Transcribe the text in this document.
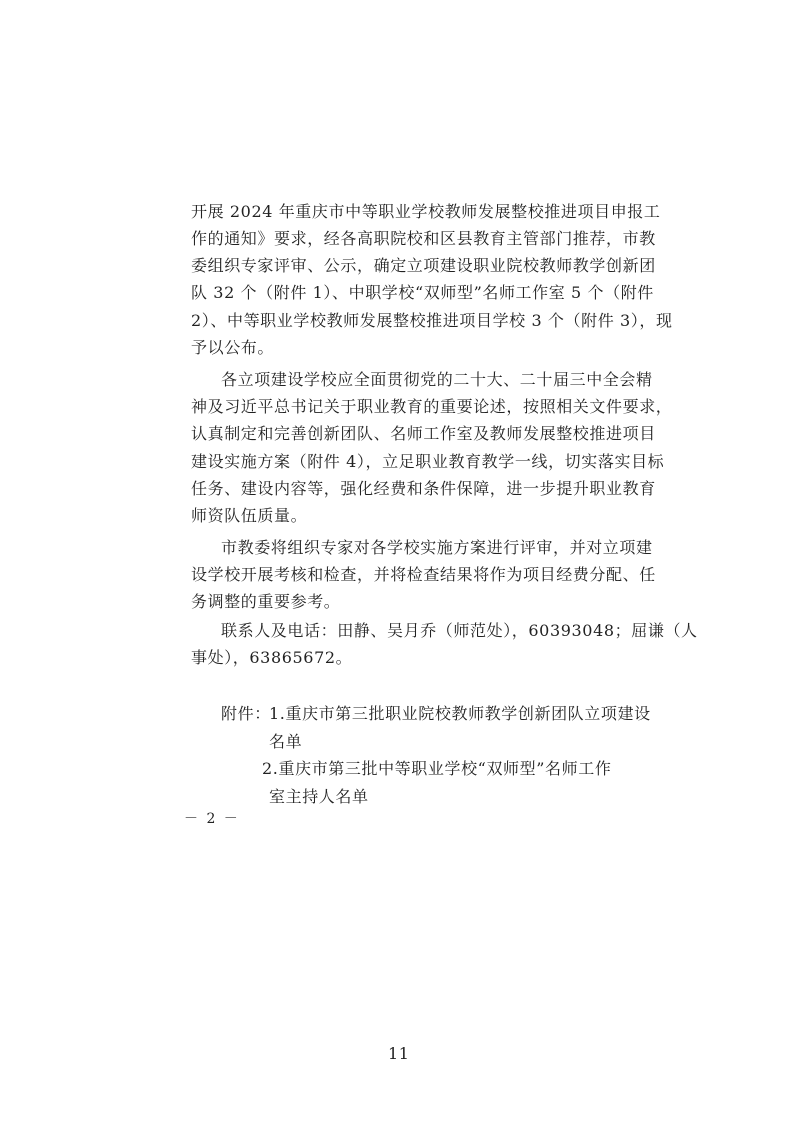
开展 2024 年重庆市中等职业学校教师发展整校推进项目申报工
作的通知》要求，经各高职院校和区县教育主管部门推荐，市教
委组织专家评审、公示，确定立项建设职业院校教师教学创新团
队 32 个（附件 1）、中职学校“双师型”名师工作室 5 个（附件
2）、中等职业学校教师发展整校推进项目学校 3 个（附件 3），现
予以公布。
各立项建设学校应全面贯彻党的二十大、二十届三中全会精
神及习近平总书记关于职业教育的重要论述，按照相关文件要求，
认真制定和完善创新团队、名师工作室及教师发展整校推进项目
建设实施方案（附件 4），立足职业教育教学一线，切实落实目标
任务、建设内容等，强化经费和条件保障，进一步提升职业教育
师资队伍质量。
市教委将组织专家对各学校实施方案进行评审，并对立项建
设学校开展考核和检查，并将检查结果将作为项目经费分配、任
务调整的重要参考。
联系人及电话：田静、吴月乔（师范处），60393048；屈谦（人
事处），63865672。
附件：
1.重庆市第三批职业院校教师教学创新团队立项建设
名单
2.重庆市第三批中等职业学校“双师型”名师工作
室主持人名单
－ 2 －
11
